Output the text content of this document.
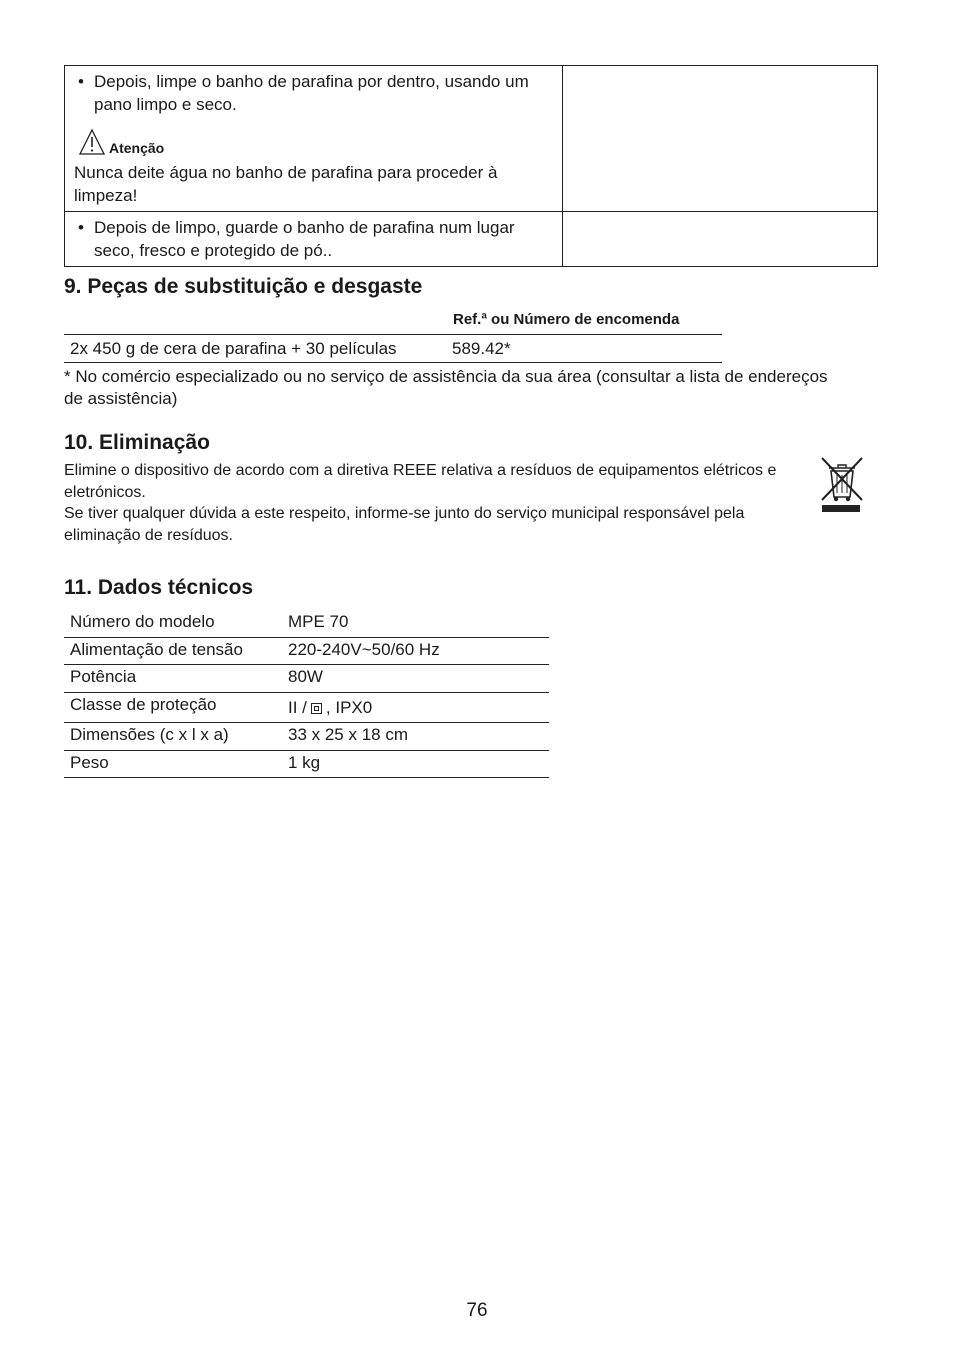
• Depois, limpe o banho de parafina por dentro, usando um pano limpo e seco.
Atenção
Nunca deite água no banho de parafina para proceder à limpeza!
• Depois de limpo, guarde o banho de parafina num lugar seco, fresco e protegido de pó..
9. Peças de substituição e desgaste
Ref.ª ou Número de encomenda
2x 450 g de cera de parafina + 30 películas	589.42*
* No comércio especializado ou no serviço de assistência da sua área (consultar a lista de endereços de assistência)
10. Eliminação
Elimine o dispositivo de acordo com a diretiva REEE relativa a resíduos de equipamentos elétricos e eletrónicos.
Se tiver qualquer dúvida a este respeito, informe-se junto do serviço municipal responsável pela eliminação de resíduos.
11. Dados técnicos
Número do modelo	MPE 70
Alimentação de tensão	220-240V~50/60 Hz
Potência	80W
Classe de proteção	II / , IPX0
Dimensões (c x l x a)	33 x 25 x 18 cm
Peso	1 kg
76
